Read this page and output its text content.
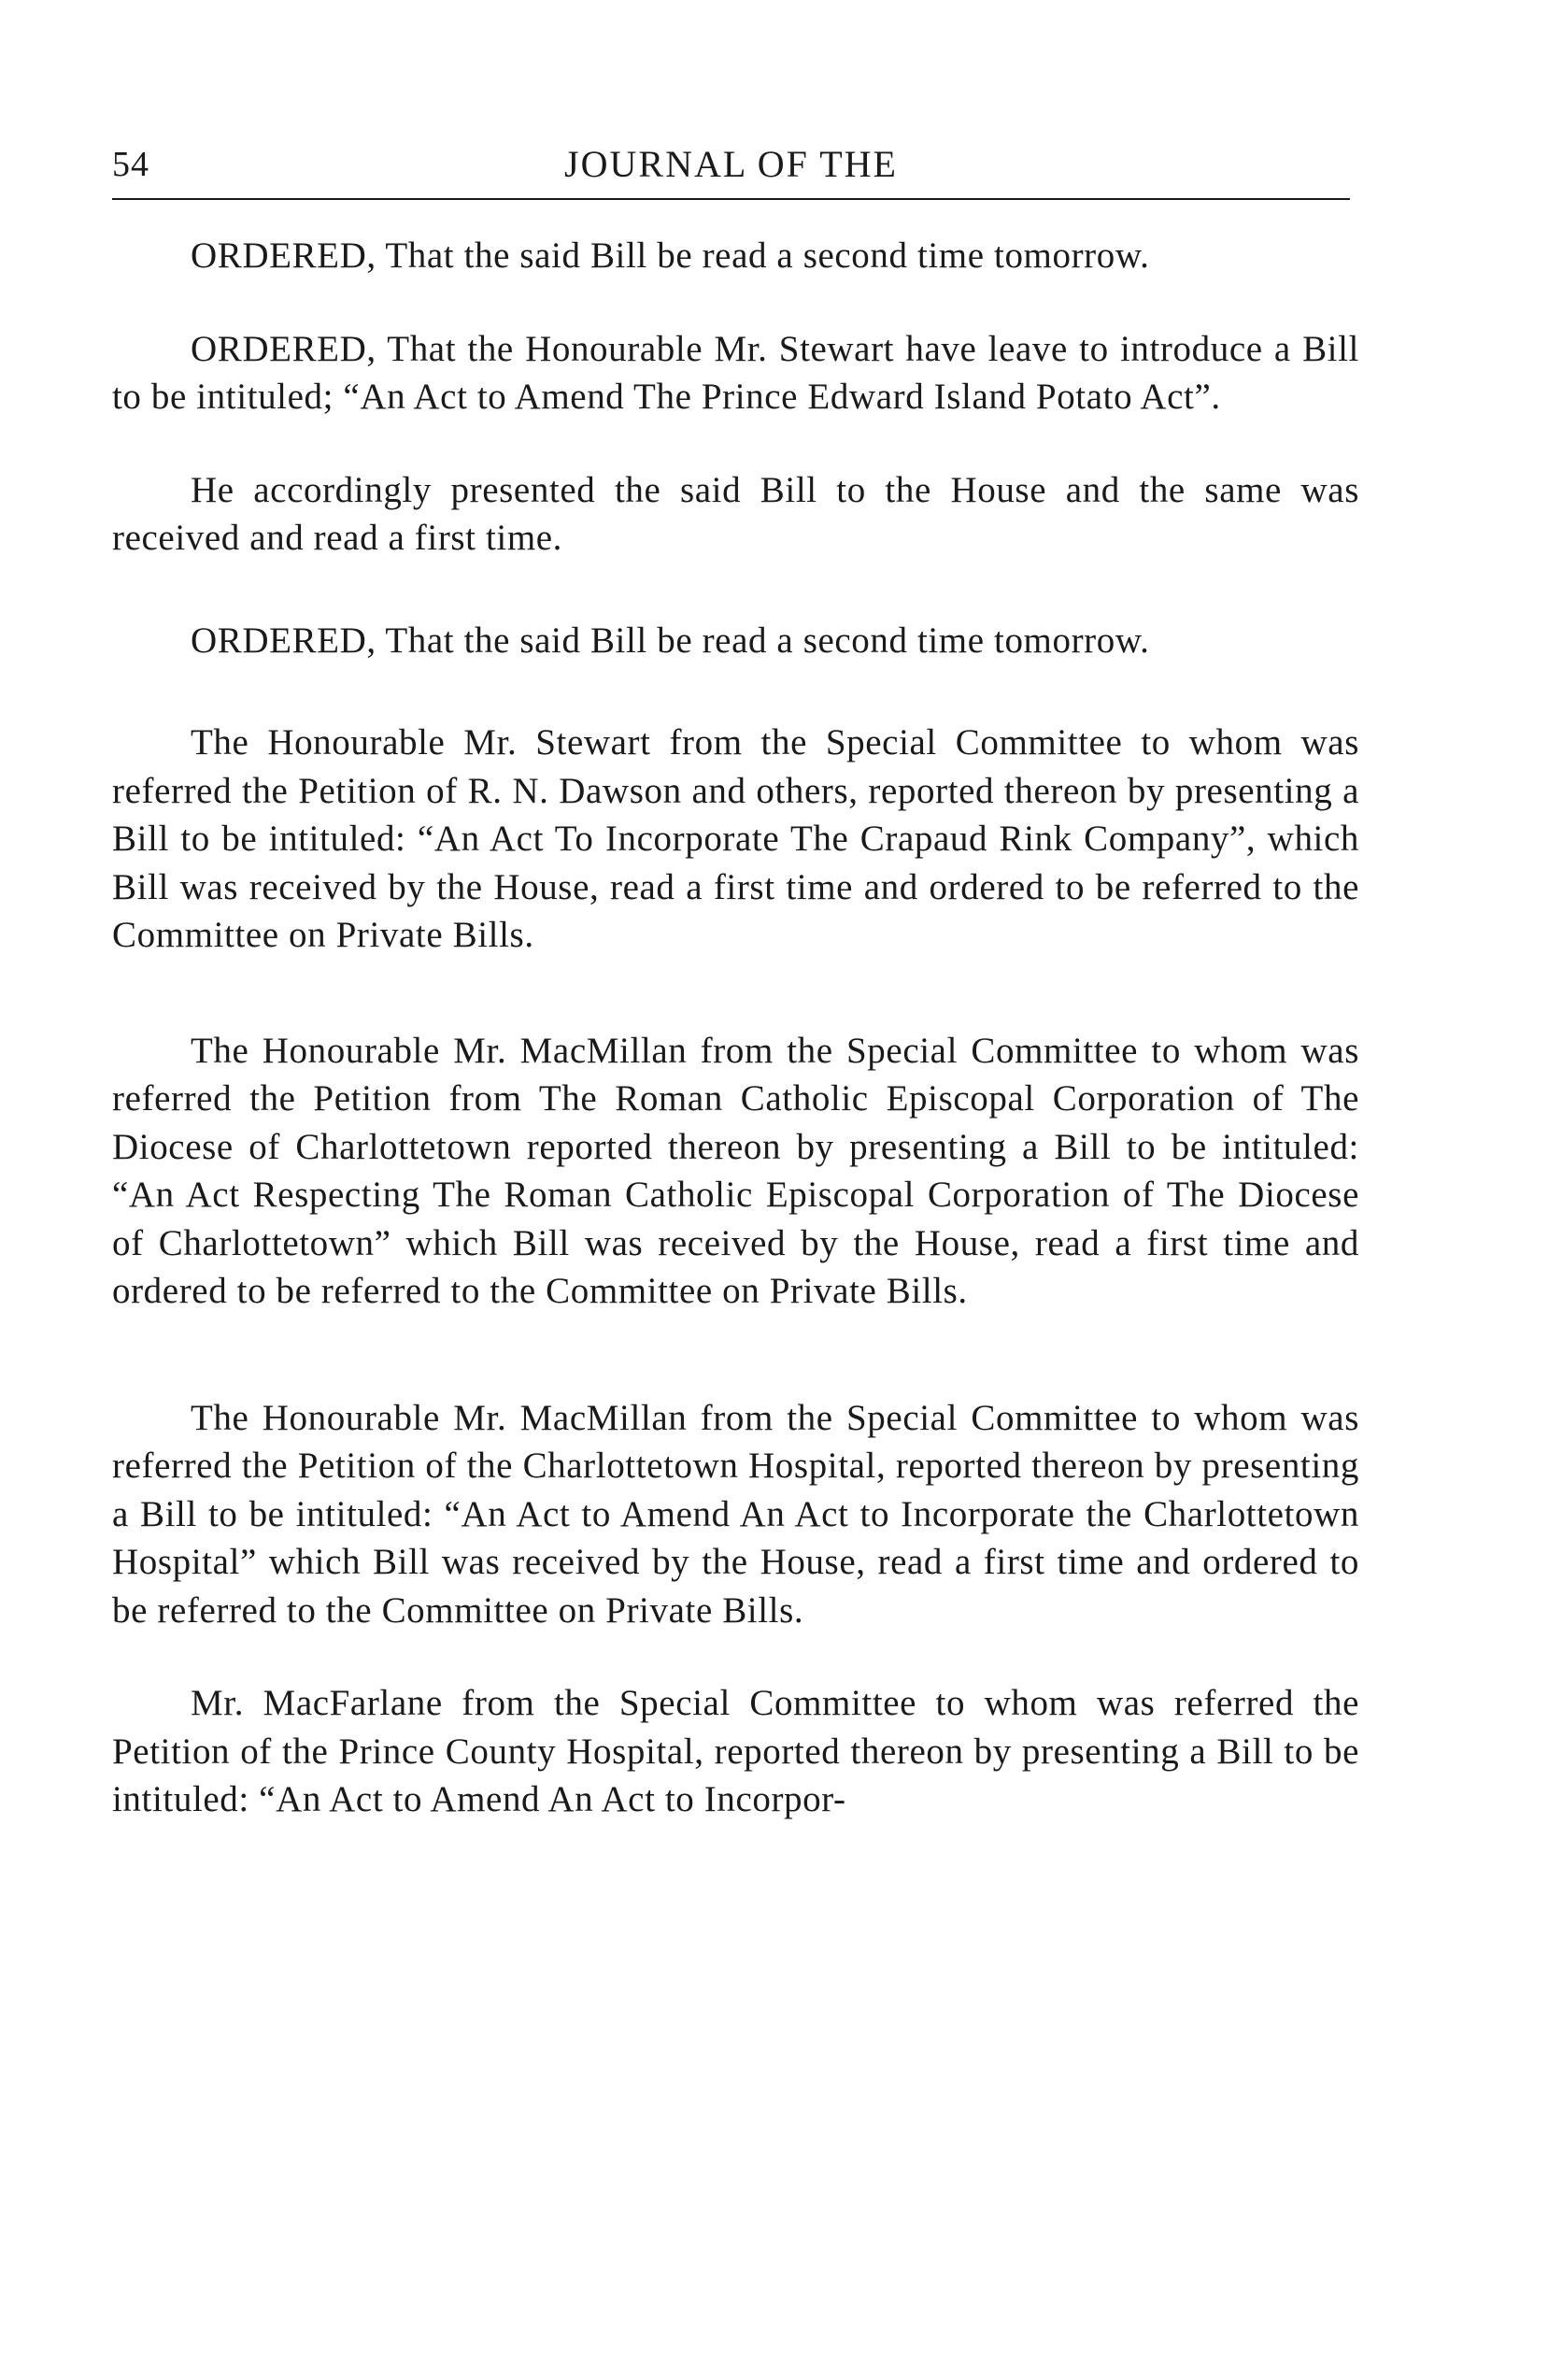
54	JOURNAL OF THE

ORDERED, That the said Bill be read a second time tomorrow.

ORDERED, That the Honourable Mr. Stewart have leave to introduce a Bill to be intituled; “An Act to Amend The Prince Edward Island Potato Act”.

He accordingly presented the said Bill to the House and the same was received and read a first time.

ORDERED, That the said Bill be read a second time tomorrow.

The Honourable Mr. Stewart from the Special Committee to whom was referred the Petition of R. N. Dawson and others, reported thereon by presenting a Bill to be intituled: “An Act To Incorporate The Crapaud Rink Company”, which Bill was received by the House, read a first time and ordered to be referred to the Committee on Private Bills.

The Honourable Mr. MacMillan from the Special Committee to whom was referred the Petition from The Roman Catholic Episcopal Corporation of The Diocese of Charlottetown reported thereon by presenting a Bill to be intituled: “An Act Respecting The Roman Catholic Episcopal Corporation of The Diocese of Charlottetown” which Bill was received by the House, read a first time and ordered to be referred to the Committee on Private Bills.

The Honourable Mr. MacMillan from the Special Committee to whom was referred the Petition of the Charlottetown Hospital, reported thereon by presenting a Bill to be intituled: “An Act to Amend An Act to Incorporate the Charlottetown Hospital” which Bill was received by the House, read a first time and ordered to be referred to the Committee on Private Bills.

Mr. MacFarlane from the Special Committee to whom was referred the Petition of the Prince County Hospital, reported thereon by presenting a Bill to be intituled: “An Act to Amend An Act to Incorpor-
